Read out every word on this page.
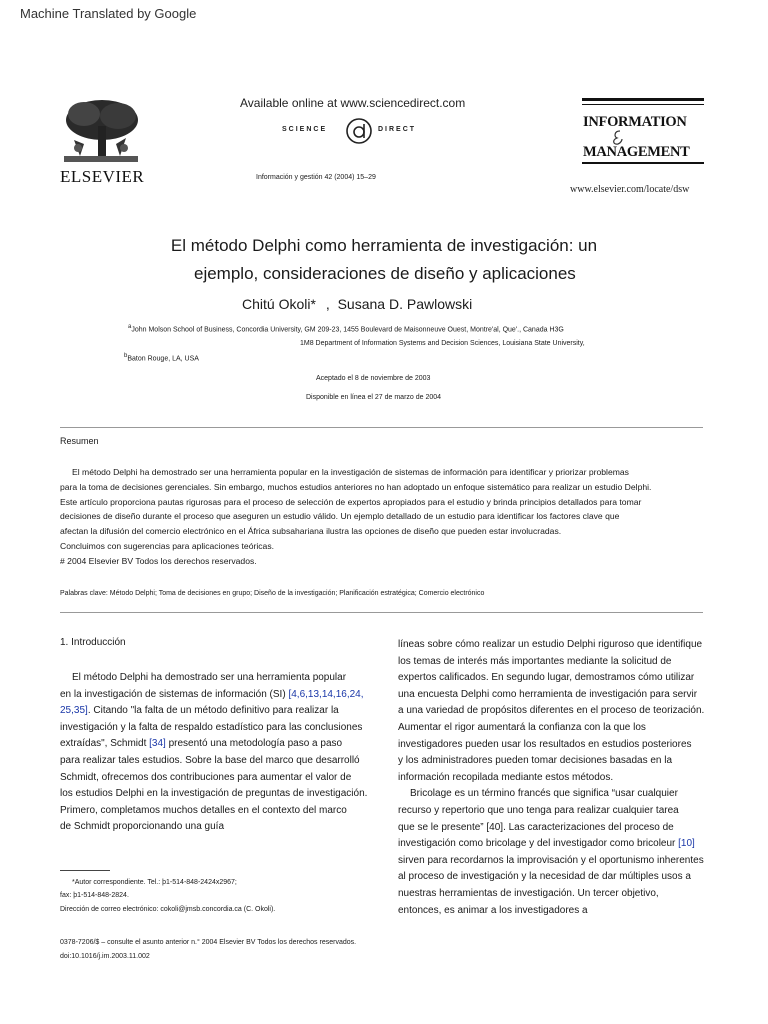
Machine Translated by Google
ELSEVIER
Available online at www.sciencedirect.com
SCIENCE	DIRECT
Información y gestión 42 (2004) 15–29
INFORMATION
MANAGEMENT
www.elsevier.com/locate/dsw
El método Delphi como herramienta de investigación: un
ejemplo, consideraciones de diseño y aplicaciones
Chitú Okoli* , Susana D. Pawlowski
aJohn Molson School of Business, Concordia University, GM 209-23, 1455 Boulevard de Maisonneuve Ouest, Montre'al, Que'., Canada H3G
1M8 Department of Information Systems and Decision Sciences, Louisiana State University,
bBaton Rouge, LA, USA
Aceptado el 8 de noviembre de 2003
Disponible en línea el 27 de marzo de 2004
Resumen
El método Delphi ha demostrado ser una herramienta popular en la investigación de sistemas de información para identificar y priorizar problemas
para la toma de decisiones gerenciales. Sin embargo, muchos estudios anteriores no han adoptado un enfoque sistemático para realizar un estudio Delphi.
Este artículo proporciona pautas rigurosas para el proceso de selección de expertos apropiados para el estudio y brinda principios detallados para tomar
decisiones de diseño durante el proceso que aseguren un estudio válido. Un ejemplo detallado de un estudio para identificar los factores clave que
afectan la difusión del comercio electrónico en el África subsahariana ilustra las opciones de diseño que pueden estar involucradas.
Concluimos con sugerencias para aplicaciones teóricas.
# 2004 Elsevier BV Todos los derechos reservados.
Palabras clave: Método Delphi; Toma de decisiones en grupo; Diseño de la investigación; Planificación estratégica; Comercio electrónico
1. Introducción
El método Delphi ha demostrado ser una herramienta popular
en la investigación de sistemas de información (SI) [4,6,13,14,16,24,
25,35]. Citando "la falta de un método definitivo para realizar la
investigación y la falta de respaldo estadístico para las conclusiones
extraídas", Schmidt [34] presentó una metodología paso a paso
para realizar tales estudios. Sobre la base del marco que desarrolló
Schmidt, ofrecemos dos contribuciones para aumentar el valor de
los estudios Delphi en la investigación de preguntas de investigación.
Primero, completamos muchos detalles en el contexto del marco
de Schmidt proporcionando una guía
líneas sobre cómo realizar un estudio Delphi riguroso que identifique
los temas de interés más importantes mediante la solicitud de
expertos calificados. En segundo lugar, demostramos cómo utilizar
una encuesta Delphi como herramienta de investigación para servir
a una variedad de propósitos diferentes en el proceso de teorización.
Aumentar el rigor aumentará la confianza con la que los
investigadores pueden usar los resultados en estudios posteriores
y los administradores pueden tomar decisiones basadas en la
información recopilada mediante estos métodos.
Bricolage es un término francés que significa “usar cualquier
recurso y repertorio que uno tenga para realizar cualquier tarea
que se le presente” [40]. Las caracterizaciones del proceso de
investigación como bricolage y del investigador como bricoleur [10]
sirven para recordarnos la improvisación y el oportunismo inherentes
al proceso de investigación y la necesidad de dar múltiples usos a
nuestras herramientas de investigación. Un tercer objetivo,
entonces, es animar a los investigadores a
*Autor correspondiente. Tel.: þ1-514-848-2424x2967;
fax: þ1-514-848-2824.
Dirección de correo electrónico: cokoli@jmsb.concordia.ca (C. Okoli).
0378-7206/$ – consulte el asunto anterior n.° 2004 Elsevier BV Todos los derechos reservados.
doi:10.1016/j.im.2003.11.002
